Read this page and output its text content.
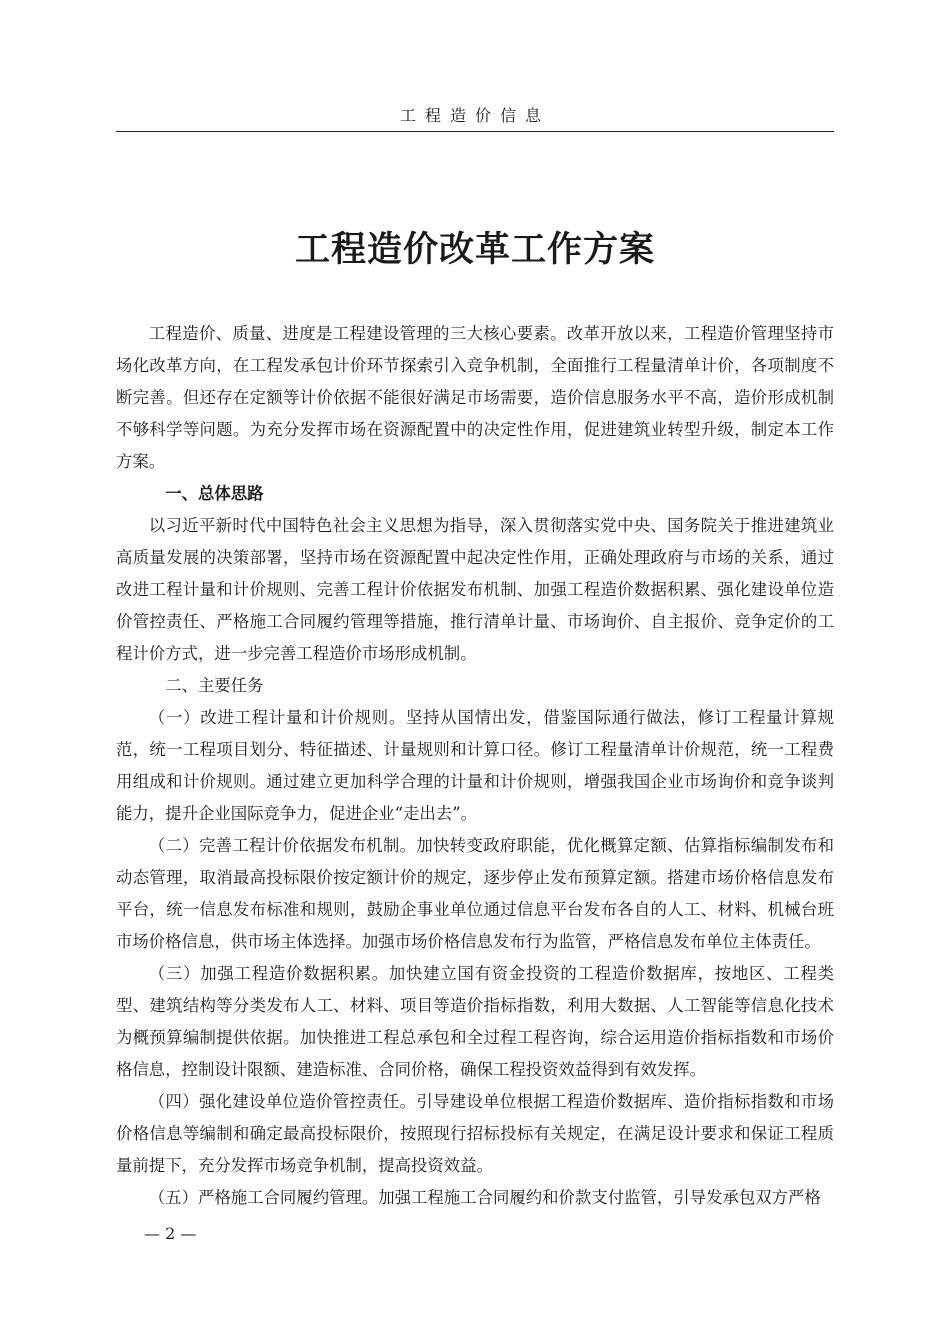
工程造价信息
工程造价改革工作方案

工程造价、质量、进度是工程建设管理的三大核心要素。改革开放以来，工程造价管理坚持市场化改革方向，在工程发承包计价环节探索引入竞争机制，全面推行工程量清单计价，各项制度不断完善。但还存在定额等计价依据不能很好满足市场需要，造价信息服务水平不高，造价形成机制不够科学等问题。为充分发挥市场在资源配置中的决定性作用，促进建筑业转型升级，制定本工作方案。

一、总体思路

以习近平新时代中国特色社会主义思想为指导，深入贯彻落实党中央、国务院关于推进建筑业高质量发展的决策部署，坚持市场在资源配置中起决定性作用，正确处理政府与市场的关系，通过改进工程计量和计价规则、完善工程计价依据发布机制、加强工程造价数据积累、强化建设单位造价管控责任、严格施工合同履约管理等措施，推行清单计量、市场询价、自主报价、竞争定价的工程计价方式，进一步完善工程造价市场形成机制。

二、主要任务

（一）改进工程计量和计价规则。坚持从国情出发，借鉴国际通行做法，修订工程量计算规范，统一工程项目划分、特征描述、计量规则和计算口径。修订工程量清单计价规范，统一工程费用组成和计价规则。通过建立更加科学合理的计量和计价规则，增强我国企业市场询价和竞争谈判能力，提升企业国际竞争力，促进企业“走出去”。

（二）完善工程计价依据发布机制。加快转变政府职能，优化概算定额、估算指标编制发布和动态管理，取消最高投标限价按定额计价的规定，逐步停止发布预算定额。搭建市场价格信息发布平台，统一信息发布标准和规则，鼓励企事业单位通过信息平台发布各自的人工、材料、机械台班市场价格信息，供市场主体选择。加强市场价格信息发布行为监管，严格信息发布单位主体责任。

（三）加强工程造价数据积累。加快建立国有资金投资的工程造价数据库，按地区、工程类型、建筑结构等分类发布人工、材料、项目等造价指标指数，利用大数据、人工智能等信息化技术为概预算编制提供依据。加快推进工程总承包和全过程工程咨询，综合运用造价指标指数和市场价格信息，控制设计限额、建造标准、合同价格，确保工程投资效益得到有效发挥。

（四）强化建设单位造价管控责任。引导建设单位根据工程造价数据库、造价指标指数和市场价格信息等编制和确定最高投标限价，按照现行招标投标有关规定，在满足设计要求和保证工程质量前提下，充分发挥市场竞争机制，提高投资效益。

（五）严格施工合同履约管理。加强工程施工合同履约和价款支付监管，引导发承包双方严格

— 2 —
